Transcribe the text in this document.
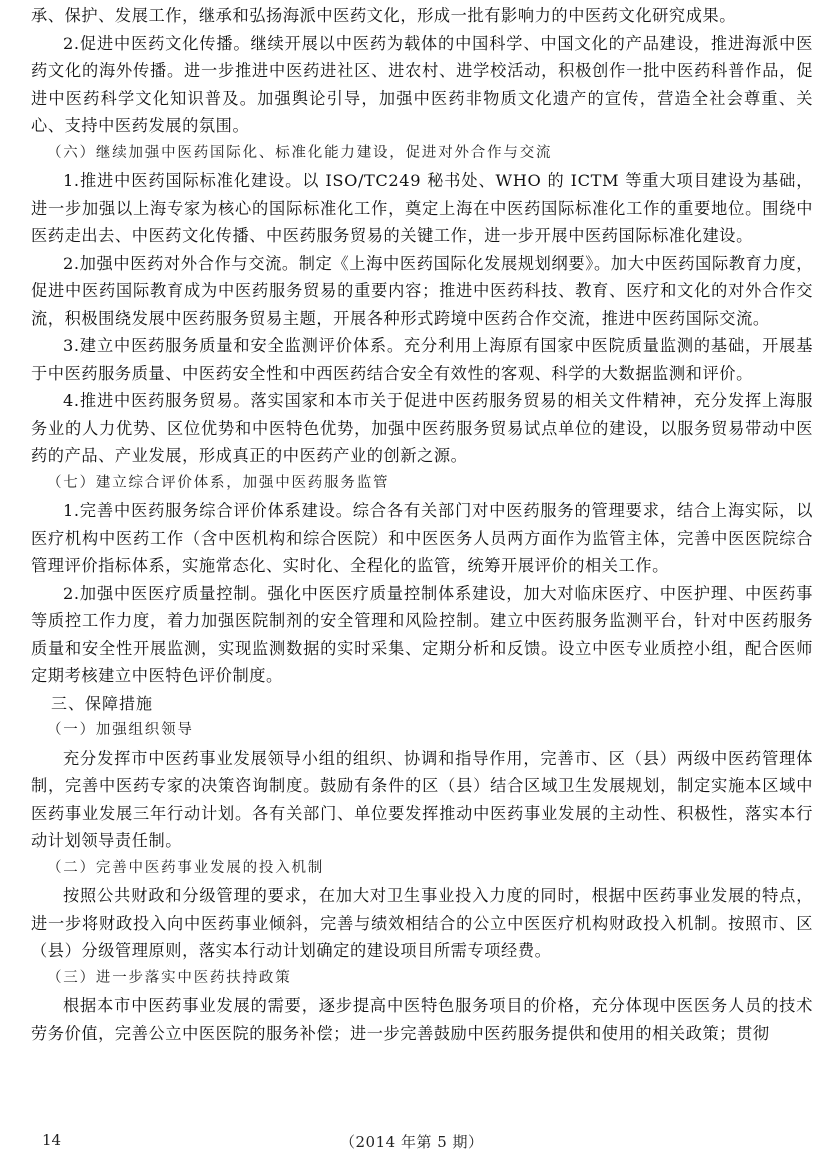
承、保护、发展工作，继承和弘扬海派中医药文化，形成一批有影响力的中医药文化研究成果。

2.促进中医药文化传播。继续开展以中医药为载体的中国科学、中国文化的产品建设，推进海派中医药文化的海外传播。进一步推进中医药进社区、进农村、进学校活动，积极创作一批中医药科普作品，促进中医药科学文化知识普及。加强舆论引导，加强中医药非物质文化遗产的宣传，营造全社会尊重、关心、支持中医药发展的氛围。

（六）继续加强中医药国际化、标准化能力建设，促进对外合作与交流

1.推进中医药国际标准化建设。以 ISO/TC249 秘书处、WHO 的 ICTM 等重大项目建设为基础，进一步加强以上海专家为核心的国际标准化工作，奠定上海在中医药国际标准化工作的重要地位。围绕中医药走出去、中医药文化传播、中医药服务贸易的关键工作，进一步开展中医药国际标准化建设。

2.加强中医药对外合作与交流。制定《上海中医药国际化发展规划纲要》。加大中医药国际教育力度，促进中医药国际教育成为中医药服务贸易的重要内容；推进中医药科技、教育、医疗和文化的对外合作交流，积极围绕发展中医药服务贸易主题，开展各种形式跨境中医药合作交流，推进中医药国际交流。

3.建立中医药服务质量和安全监测评价体系。充分利用上海原有国家中医院质量监测的基础，开展基于中医药服务质量、中医药安全性和中西医药结合安全有效性的客观、科学的大数据监测和评价。

4.推进中医药服务贸易。落实国家和本市关于促进中医药服务贸易的相关文件精神，充分发挥上海服务业的人力优势、区位优势和中医特色优势，加强中医药服务贸易试点单位的建设，以服务贸易带动中医药的产品、产业发展，形成真正的中医药产业的创新之源。

（七）建立综合评价体系，加强中医药服务监管

1.完善中医药服务综合评价体系建设。综合各有关部门对中医药服务的管理要求，结合上海实际，以医疗机构中医药工作（含中医机构和综合医院）和中医医务人员两方面作为监管主体，完善中医医院综合管理评价指标体系，实施常态化、实时化、全程化的监管，统筹开展评价的相关工作。

2.加强中医医疗质量控制。强化中医医疗质量控制体系建设，加大对临床医疗、中医护理、中医药事等质控工作力度，着力加强医院制剂的安全管理和风险控制。建立中医药服务监测平台，针对中医药服务质量和安全性开展监测，实现监测数据的实时采集、定期分析和反馈。设立中医专业质控小组，配合医师定期考核建立中医特色评价制度。

三、保障措施

（一）加强组织领导

充分发挥市中医药事业发展领导小组的组织、协调和指导作用，完善市、区（县）两级中医药管理体制，完善中医药专家的决策咨询制度。鼓励有条件的区（县）结合区域卫生发展规划，制定实施本区域中医药事业发展三年行动计划。各有关部门、单位要发挥推动中医药事业发展的主动性、积极性，落实本行动计划领导责任制。

（二）完善中医药事业发展的投入机制

按照公共财政和分级管理的要求，在加大对卫生事业投入力度的同时，根据中医药事业发展的特点，进一步将财政投入向中医药事业倾斜，完善与绩效相结合的公立中医医疗机构财政投入机制。按照市、区（县）分级管理原则，落实本行动计划确定的建设项目所需专项经费。

（三）进一步落实中医药扶持政策

根据本市中医药事业发展的需要，逐步提高中医特色服务项目的价格，充分体现中医医务人员的技术劳务价值，完善公立中医医院的服务补偿；进一步完善鼓励中医药服务提供和使用的相关政策；贯彻

14	（2014 年第 5 期）
